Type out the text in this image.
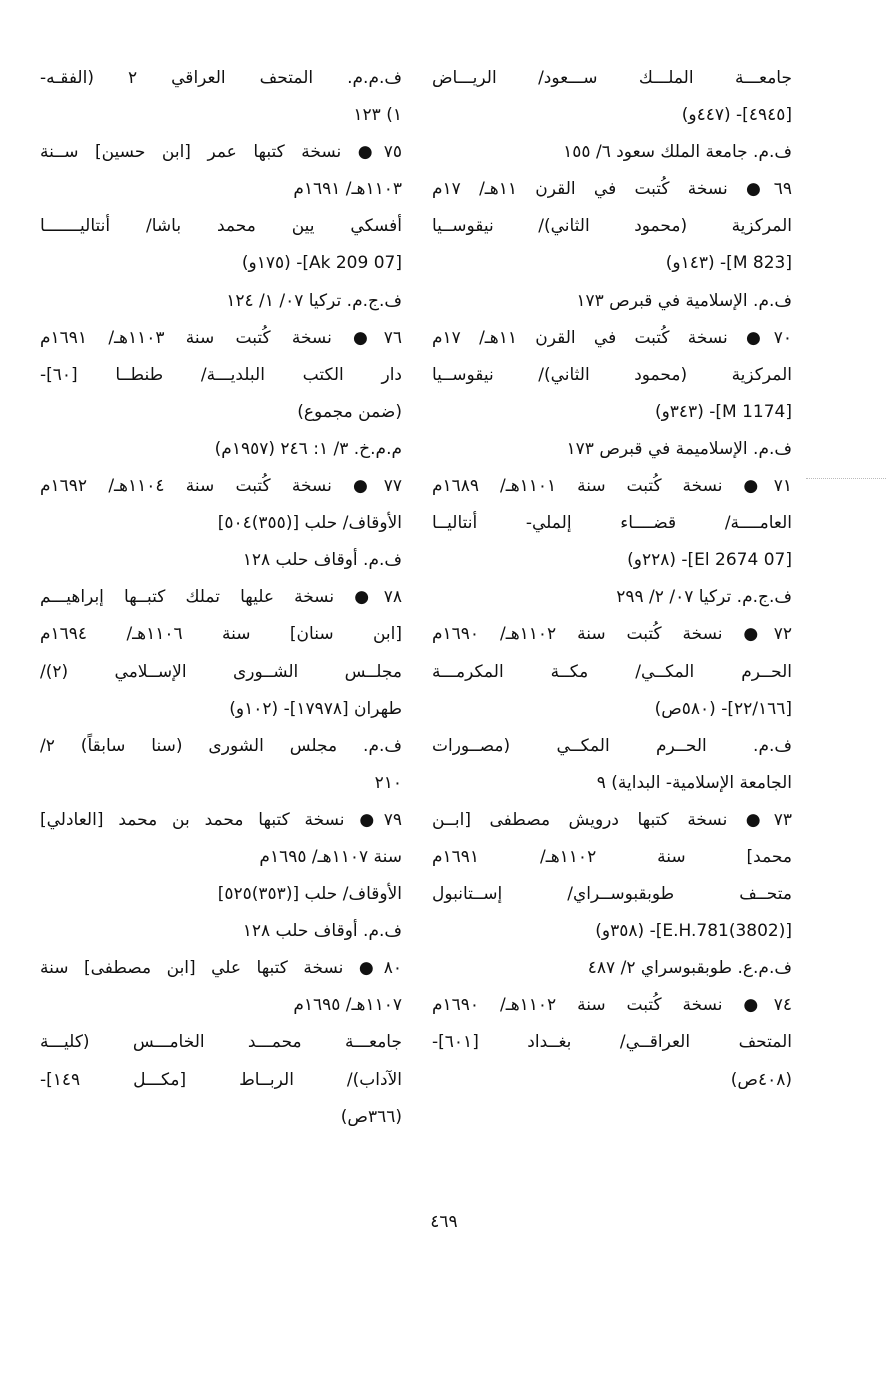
جامعـــة الملـــك ســـعود/ الريـــاض
[٤٩٤٥]- (٤٤٧و)
ف.م. جامعة الملك سعود ٦/ ١٥٥
٦٩● نسخة كُتبت في القرن ١١هـ/ ١٧م
المركزية (محمود الثاني)/ نيقوســيا
[M 823]- (١٤٣و)
ف.م. الإسلامية في قبرص ١٧٣
٧٠● نسخة كُتبت في القرن ١١هـ/ ١٧م
المركزية (محمود الثاني)/ نيقوســيا
[M 1174]- (٣٤٣و)
ف.م. الإسلاميمة في قبرص ١٧٣
٧١● نسخة كُتبت سنة ١١٠١هـ/ ١٦٨٩م
العامــــة/ قضــــاء إلملي- أنتاليــا
[07 El 2674]- (٢٢٨و)
ف.ج.م. تركيا ٠٧/ ٢/ ٢٩٩
٧٢● نسخة كُتبت سنة ١١٠٢هـ/ ١٦٩٠م
الحــرم المكــي/ مكــة المكرمـــة
[٢٢/١٦٦]- (٥٨٠ص)
ف.م. الحــرم المكــي (مصــورات
الجامعة الإسلامية- البداية) ٩
٧٣● نسخة كتبها درويش مصطفى [ابــن
محمد] سنة ١١٠٢هـ/ ١٦٩١م
متحــف طوبقبوســراي/ إســتانبول
[(3802)E.H.781]- (٣٥٨و)
ف.م.ع. طوبقبوسراي ٢/ ٤٨٧
٧٤● نسخة كُتبت سنة ١١٠٢هـ/ ١٦٩٠م
المتحف العراقــي/ بغــداد [٦٠١]-
(٤٠٨ص)
ف.م.م. المتحف العراقي ٢ (الفقـه-
١) ١٢٣
٧٥● نسخة كتبها عمر [ابن حسين] ســنة
١١٠٣هـ/ ١٦٩١م
أفسكي يين محمد باشا/ أنتاليـــــــا
[07 Ak 209]- (١٧٥و)
ف.ج.م. تركيا ٠٧/ ١/ ١٢٤
٧٦● نسخة كُتبت سنة ١١٠٣هـ/ ١٦٩١م
دار الكتب البلديـــة/ طنطــا [٦٠]-
(ضمن مجموع)
م.م.خ. ٣/ ١: ٢٤٦ (١٩٥٧م)
٧٧● نسخة كُتبت سنة ١١٠٤هـ/ ١٦٩٢م
الأوقاف/ حلب [(٣٥٥)٥٠٤]
ف.م. أوقاف حلب ١٢٨
٧٨● نسخة عليها تملك كتبــها إبراهيـــم
[ابن سنان] سنة ١١٠٦هـ/ ١٦٩٤م
مجلــس الشــورى الإســلامي (٢)/
طهران [١٧٩٧٨]- (١٠٢و)
ف.م. مجلس الشورى (سنا سابقاً) ٢/
٢١٠
٧٩● نسخة كتبها محمد بن محمد [العادلي]
سنة ١١٠٧هـ/ ١٦٩٥م
الأوقاف/ حلب [(٣٥٣)٥٢٥]
ف.م. أوقاف حلب ١٢٨
٨٠● نسخة كتبها علي [ابن مصطفى] سنة
١١٠٧هـ/ ١٦٩٥م
جامعـــة محمـــد الخامـــس (كليـــة
الآداب)/ الربــاط [مكـــل ١٤٩]-
(٣٦٦ص)
٤٦٩
